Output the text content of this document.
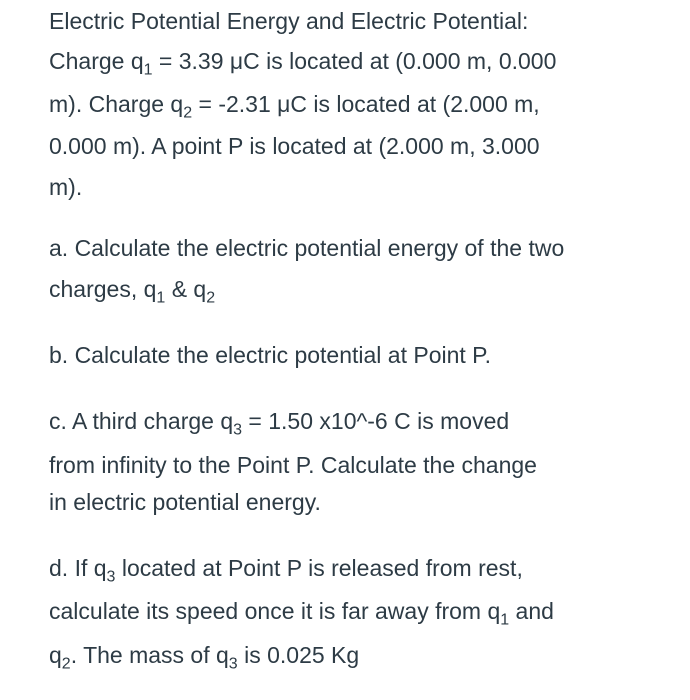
Electric Potential Energy and Electric Potential:
Charge $q_1 = 3.39$ μC is located at (0.000 m, 0.000
m). Charge $q_2 = -2.31$ μC is located at (2.000 m,
0.000 m). A point P is located at (2.000 m, 3.000
m).
a. Calculate the electric potential energy of the two
charges, $q_1$ & $q_2$
b. Calculate the electric potential at Point P.
c. A third charge $q_3 = 1.50$ x10^-6 C is moved
from infinity to the Point P. Calculate the change
in electric potential energy.
d. If $q_3$ located at Point P is released from rest,
calculate its speed once it is far away from $q_1$ and
$q_2$. The mass of $q_3$ is 0.025 Kg
